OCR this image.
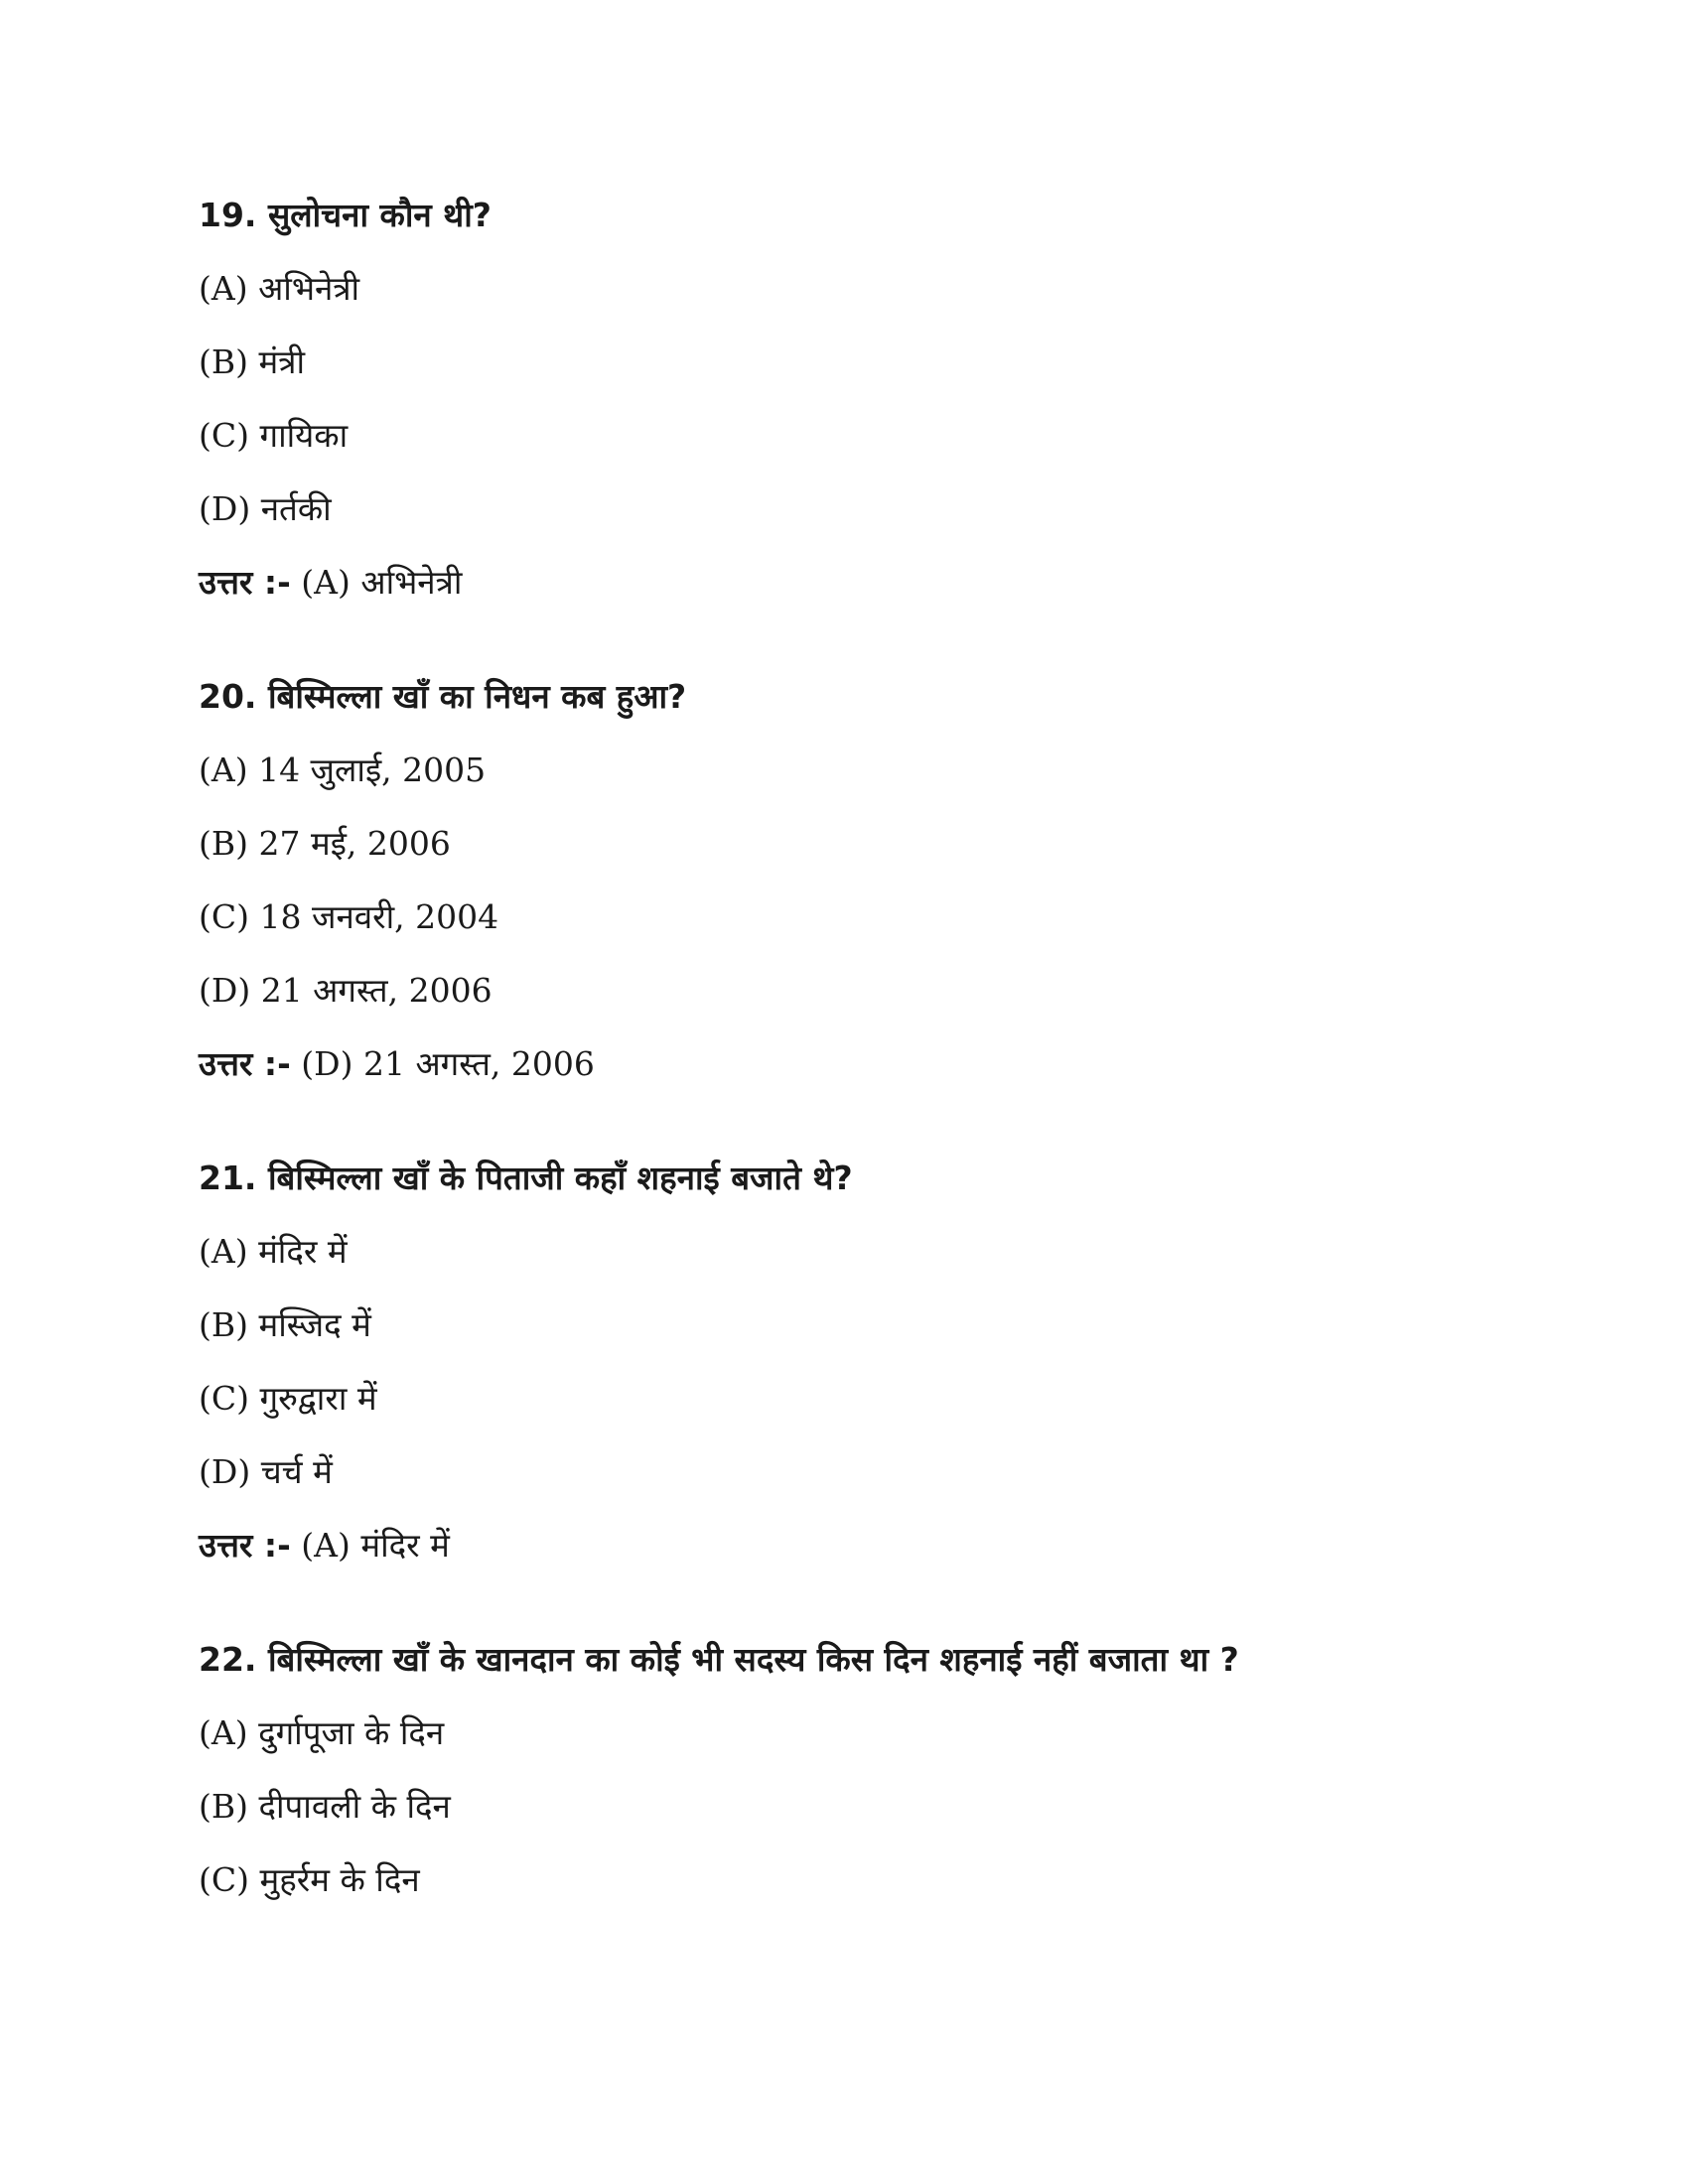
19. सुलोचना कौन थी?
(A) अभिनेत्री
(B) मंत्री
(C) गायिका
(D) नर्तकी
उत्तर :- (A) अभिनेत्री
20. बिस्मिल्ला खाँ का निधन कब हुआ?
(A) 14 जुलाई, 2005
(B) 27 मई, 2006
(C) 18 जनवरी, 2004
(D) 21 अगस्त, 2006
उत्तर :- (D) 21 अगस्त, 2006
21. बिस्मिल्ला खाँ के पिताजी कहाँ शहनाई बजाते थे?
(A) मंदिर में
(B) मस्जिद में
(C) गुरुद्वारा में
(D) चर्च में
उत्तर :- (A) मंदिर में
22. बिस्मिल्ला खाँ के खानदान का कोई भी सदस्य किस दिन शहनाई नहीं बजाता था ?
(A) दुर्गापूजा के दिन
(B) दीपावली के दिन
(C) मुहर्रम के दिन
